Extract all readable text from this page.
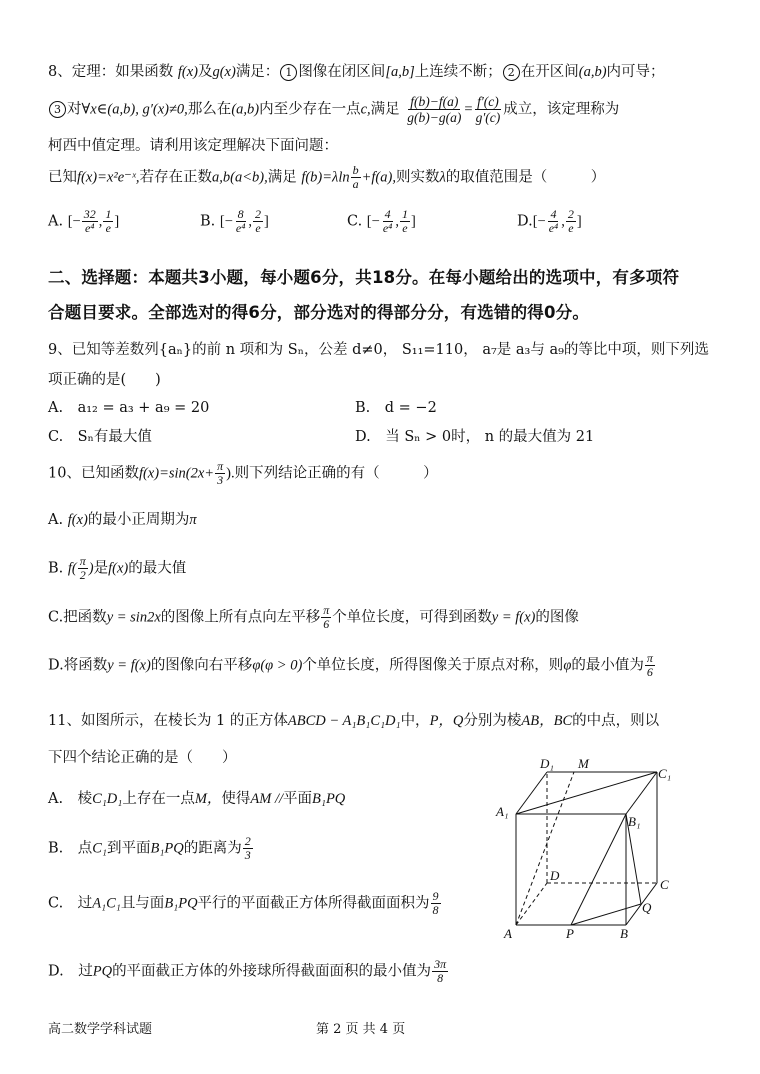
8、定理：如果函数 f(x)及g(x)满足： 1 图像在闭区间[a,b]上连续不断； 2 在开区间(a,b)内可导；
3 对∀x∈(a,b), g′(x)≠0,那么在(a,b)内至少存在一点c,满足 $\frac{f(b)-f(a)}{g(b)-g(a)} = \frac{f'(c)}{g'(c)}$ 成立，该定理称为
柯西中值定理。请利用该定理解决下面问题：
已知f(x)=x²e⁻ˣ,若存在正数a,b(a<b),满足 $f(b)=\lambda\ln \frac{b}{a} +f(a)$,则实数λ的取值范围是（　　　）
A. [− $\frac{32}{\text{e⁴}}$ , $\frac{1}{e}$ ]	B. [− $\frac{8}{\text{e⁴}}$ , $\frac{2}{e}$ ]	C. [− $\frac{4}{\text{e⁴}}$ , $\frac{1}{e}$ ]	$D.[- \frac{4}{\text{e⁴}}$ , $\frac{2}{e}$ ]
二、选择题：本题共3小题，每小题6分，共18分。在每小题给出的选项中，有多项符
合题目要求。全部选对的得6分，部分选对的得部分分，有选错的得0分。
9、已知等差数列{aₙ}的前 n 项和为 Sₙ，公差 d≠0， S₁₁=110， a₇是 a₃与 a₉的等比中项，则下列选
项正确的是(　　)
A.　a₁₂ = a₃ + a₉ = 20	B.　d = −2
C.　Sₙ有最大值	D.　当 Sₙ > 0时， n 的最大值为 21
10、已知函数$f(x)=\sin(2x+ \frac{\pi}{3}$ ).则下列结论正确的有（　　　）
A. f(x)的最小正周期为π
B. $f( \frac{\pi}{2}$ )是f(x)的最大值
C.把函数y = sin2x的图像上所有点向左平移 $\frac{\pi}{6}$ 个单位长度，可得到函数y = f(x)的图像
D.将函数y = f(x)的图像向右平移φ(φ > 0)个单位长度，所得图像关于原点对称，则φ的最小值为 $\frac{\pi}{6}$
11、如图所示，在棱长为 1 的正方体ABCD − A₁B₁C₁D₁中，P，Q分别为棱AB，BC的中点，则以
下四个结论正确的是（　　）
A.　棱C₁D₁上存在一点M，使得AM //平面B₁PQ
B.　点C₁到平面B₁PQ的距离为 $\frac{2}{3}$
C.　过A₁C₁且与面B₁PQ平行的平面截正方体所得截面面积为 $\frac{9}{8}$
D.　过PQ的平面截正方体的外接球所得截面面积的最小值为 $\frac{3\pi}{8}$
D₁ M
C₁
A₁
B₁
D
C
Q
A	P	B
高二数学学科试题	第 2 页 共 4 页
